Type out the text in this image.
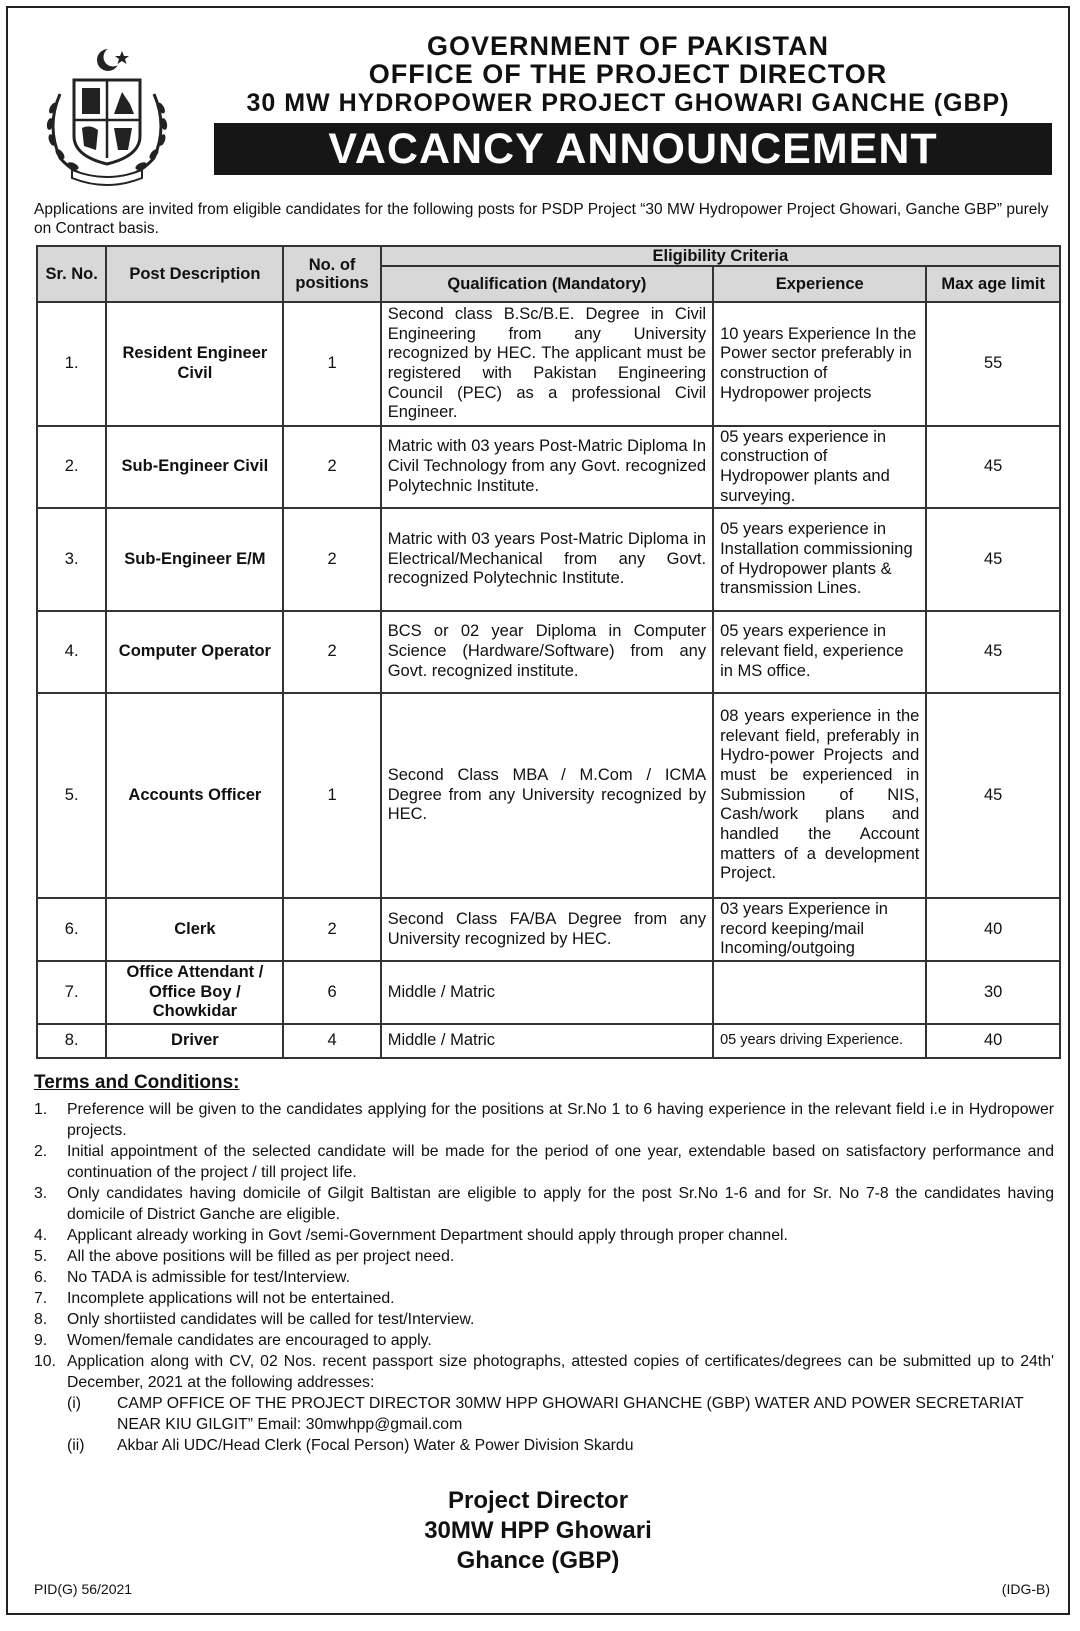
GOVERNMENT OF PAKISTAN
OFFICE OF THE PROJECT DIRECTOR
30 MW HYDROPOWER PROJECT GHOWARI GANCHE (GBP)
VACANCY ANNOUNCEMENT
Applications are invited from eligible candidates for the following posts for PSDP Project “30 MW Hydropower Project Ghowari, Ganche GBP” purely on Contract basis.
Sr. No.	Post Description	No. of positions	Eligibility Criteria		
			Qualification (Mandatory)	Experience	Max age limit
1.	Resident Engineer Civil	1	Second class B.Sc/B.E. Degree in Civil Engineering from any University recognized by HEC. The applicant must be registered with Pakistan Engineering Council (PEC) as a professional Civil Engineer.	10 years Experience In the Power sector preferably in construction of Hydropower projects	55
2.	Sub-Engineer Civil	2	Matric with 03 years Post-Matric Diploma In Civil Technology from any Govt. recognized Polytechnic Institute.	05 years experience in construction of Hydropower plants and surveying.	45
3.	Sub-Engineer E/M	2	Matric with 03 years Post-Matric Diploma in Electrical/Mechanical from any Govt. recognized Polytechnic Institute.	05 years experience in Installation commissioning of Hydropower plants & transmission Lines.	45
4.	Computer Operator	2	BCS or 02 year Diploma in Computer Science (Hardware/Software) from any Govt. recognized institute.	05 years experience in relevant field, experience in MS office.	45
5.	Accounts Officer	1	Second Class MBA / M.Com / ICMA Degree from any University recognized by HEC.	08 years experience in the relevant field, preferably in Hydro-power Projects and must be experienced in Submission of NIS, Cash/work plans and handled the Account matters of a development Project.	45
6.	Clerk	2	Second Class FA/BA Degree from any University recognized by HEC.	03 years Experience in record keeping/mail Incoming/outgoing	40
7.	Office Attendant / Office Boy / Chowkidar	6	Middle / Matric		30
8.	Driver	4	Middle / Matric	05 years driving Experience.	40
Terms and Conditions:
1.	Preference will be given to the candidates applying for the positions at Sr.No 1 to 6 having experience in the relevant field i.e in Hydropower projects.
2.	Initial appointment of the selected candidate will be made for the period of one year, extendable based on satisfactory performance and continuation of the project / till project life.
3.	Only candidates having domicile of Gilgit Baltistan are eligible to apply for the post Sr.No 1-6 and for Sr. No 7-8 the candidates having domicile of District Ganche are eligible.
4.	Applicant already working in Govt /semi-Government Department should apply through proper channel.
5.	All the above positions will be filled as per project need.
6.	No TADA is admissible for test/Interview.
7.	Incomplete applications will not be entertained.
8.	Only shortiisted candidates will be called for test/Interview.
9.	Women/female candidates are encouraged to apply.
10. Application along with CV, 02 Nos. recent passport size photographs, attested copies of certificates/degrees can be submitted up to 24th' December, 2021 at the following addresses:
(i)	CAMP OFFICE OF THE PROJECT DIRECTOR 30MW HPP GHOWARI GHANCHE (GBP) WATER AND POWER SECRETARIAT NEAR KIU GILGIT” Email: 30mwhpp@gmail.com
(ii)	Akbar Ali UDC/Head Clerk (Focal Person) Water & Power Division Skardu
Project Director
30MW HPP Ghowari
Ghance (GBP)
PID(G) 56/2021	(IDG-B)
